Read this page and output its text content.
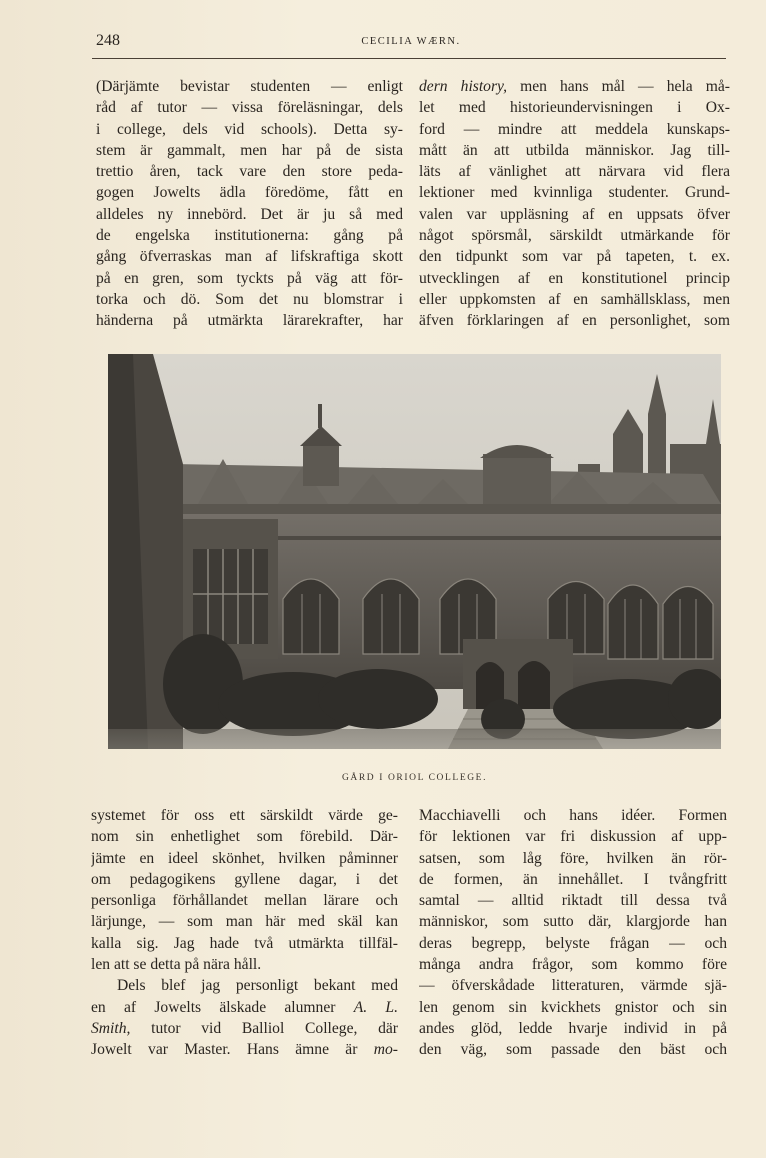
248	CECILIA WÆRN.
(Därjämte bevistar studenten — enligt
råd af tutor — vissa föreläsningar, dels
i college, dels vid schools). Detta sy-
stem är gammalt, men har på de sista
trettio åren, tack vare den store peda-
gogen Jowelts ädla föredöme, fått en
alldeles ny innebörd. Det är ju så med
de engelska institutionerna: gång på
gång öfverraskas man af lifskraftiga skott
på en gren, som tyckts på väg att för-
torka och dö. Som det nu blomstrar i
händerna på utmärkta lärarekrafter, har
dern history, men hans mål — hela må-
let med historieundervisningen i Ox-
ford — mindre att meddela kunskaps-
mått än att utbilda människor. Jag till-
läts af vänlighet att närvara vid flera
lektioner med kvinnliga studenter. Grund-
valen var uppläsning af en uppsats öfver
något spörsmål, särskildt utmärkande för
den tidpunkt som var på tapeten, t. ex.
utvecklingen af en konstitutionel princip
eller uppkomsten af en samhällsklass, men
äfven förklaringen af en personlighet, som
GÅRD I ORIOL COLLEGE.
systemet för oss ett särskildt värde ge-
nom sin enhetlighet som förebild. Där-
jämte en ideel skönhet, hvilken påminner
om pedagogikens gyllene dagar, i det
personliga förhållandet mellan lärare och
lärjunge, — som man här med skäl kan
kalla sig. Jag hade två utmärkta tillfäl-
len att se detta på nära håll.
Dels blef jag personligt bekant med
en af Jowelts älskade alumner A. L.
Smith, tutor vid Balliol College, där
Jowelt var Master. Hans ämne är mo-
Macchiavelli och hans idéer. Formen
för lektionen var fri diskussion af upp-
satsen, som låg före, hvilken än rör-
de formen, än innehållet. I tvångfritt
samtal — alltid riktadt till dessa två
människor, som sutto där, klargjorde han
deras begrepp, belyste frågan — och
många andra frågor, som kommo före
— öfverskådade litteraturen, värmde sjä-
len genom sin kvickhets gnistor och sin
andes glöd, ledde hvarje individ in på
den väg, som passade den bäst och
